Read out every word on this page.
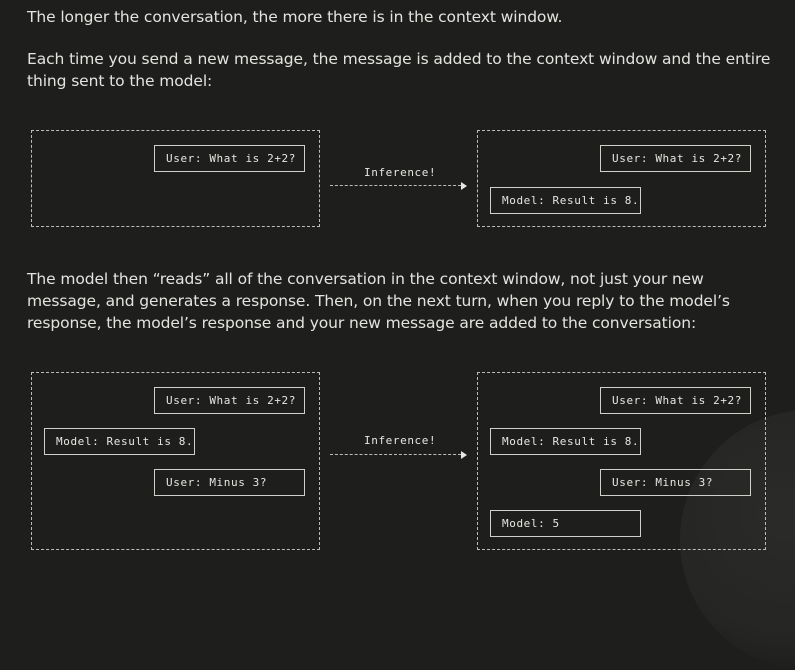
The longer the conversation, the more there is in the context window.

Each time you send a new message, the message is added to the context window and the entire thing sent to the model:

User: What is 2+2?
Inference!
User: What is 2+2?
Model: Result is 8.

The model then “reads” all of the conversation in the context window, not just your new message, and generates a response. Then, on the next turn, when you reply to the model’s response, the model’s response and your new message are added to the conversation:

User: What is 2+2?
Model: Result is 8.
User: Minus 3?
Inference!
User: What is 2+2?
Model: Result is 8.
User: Minus 3?
Model: 5
